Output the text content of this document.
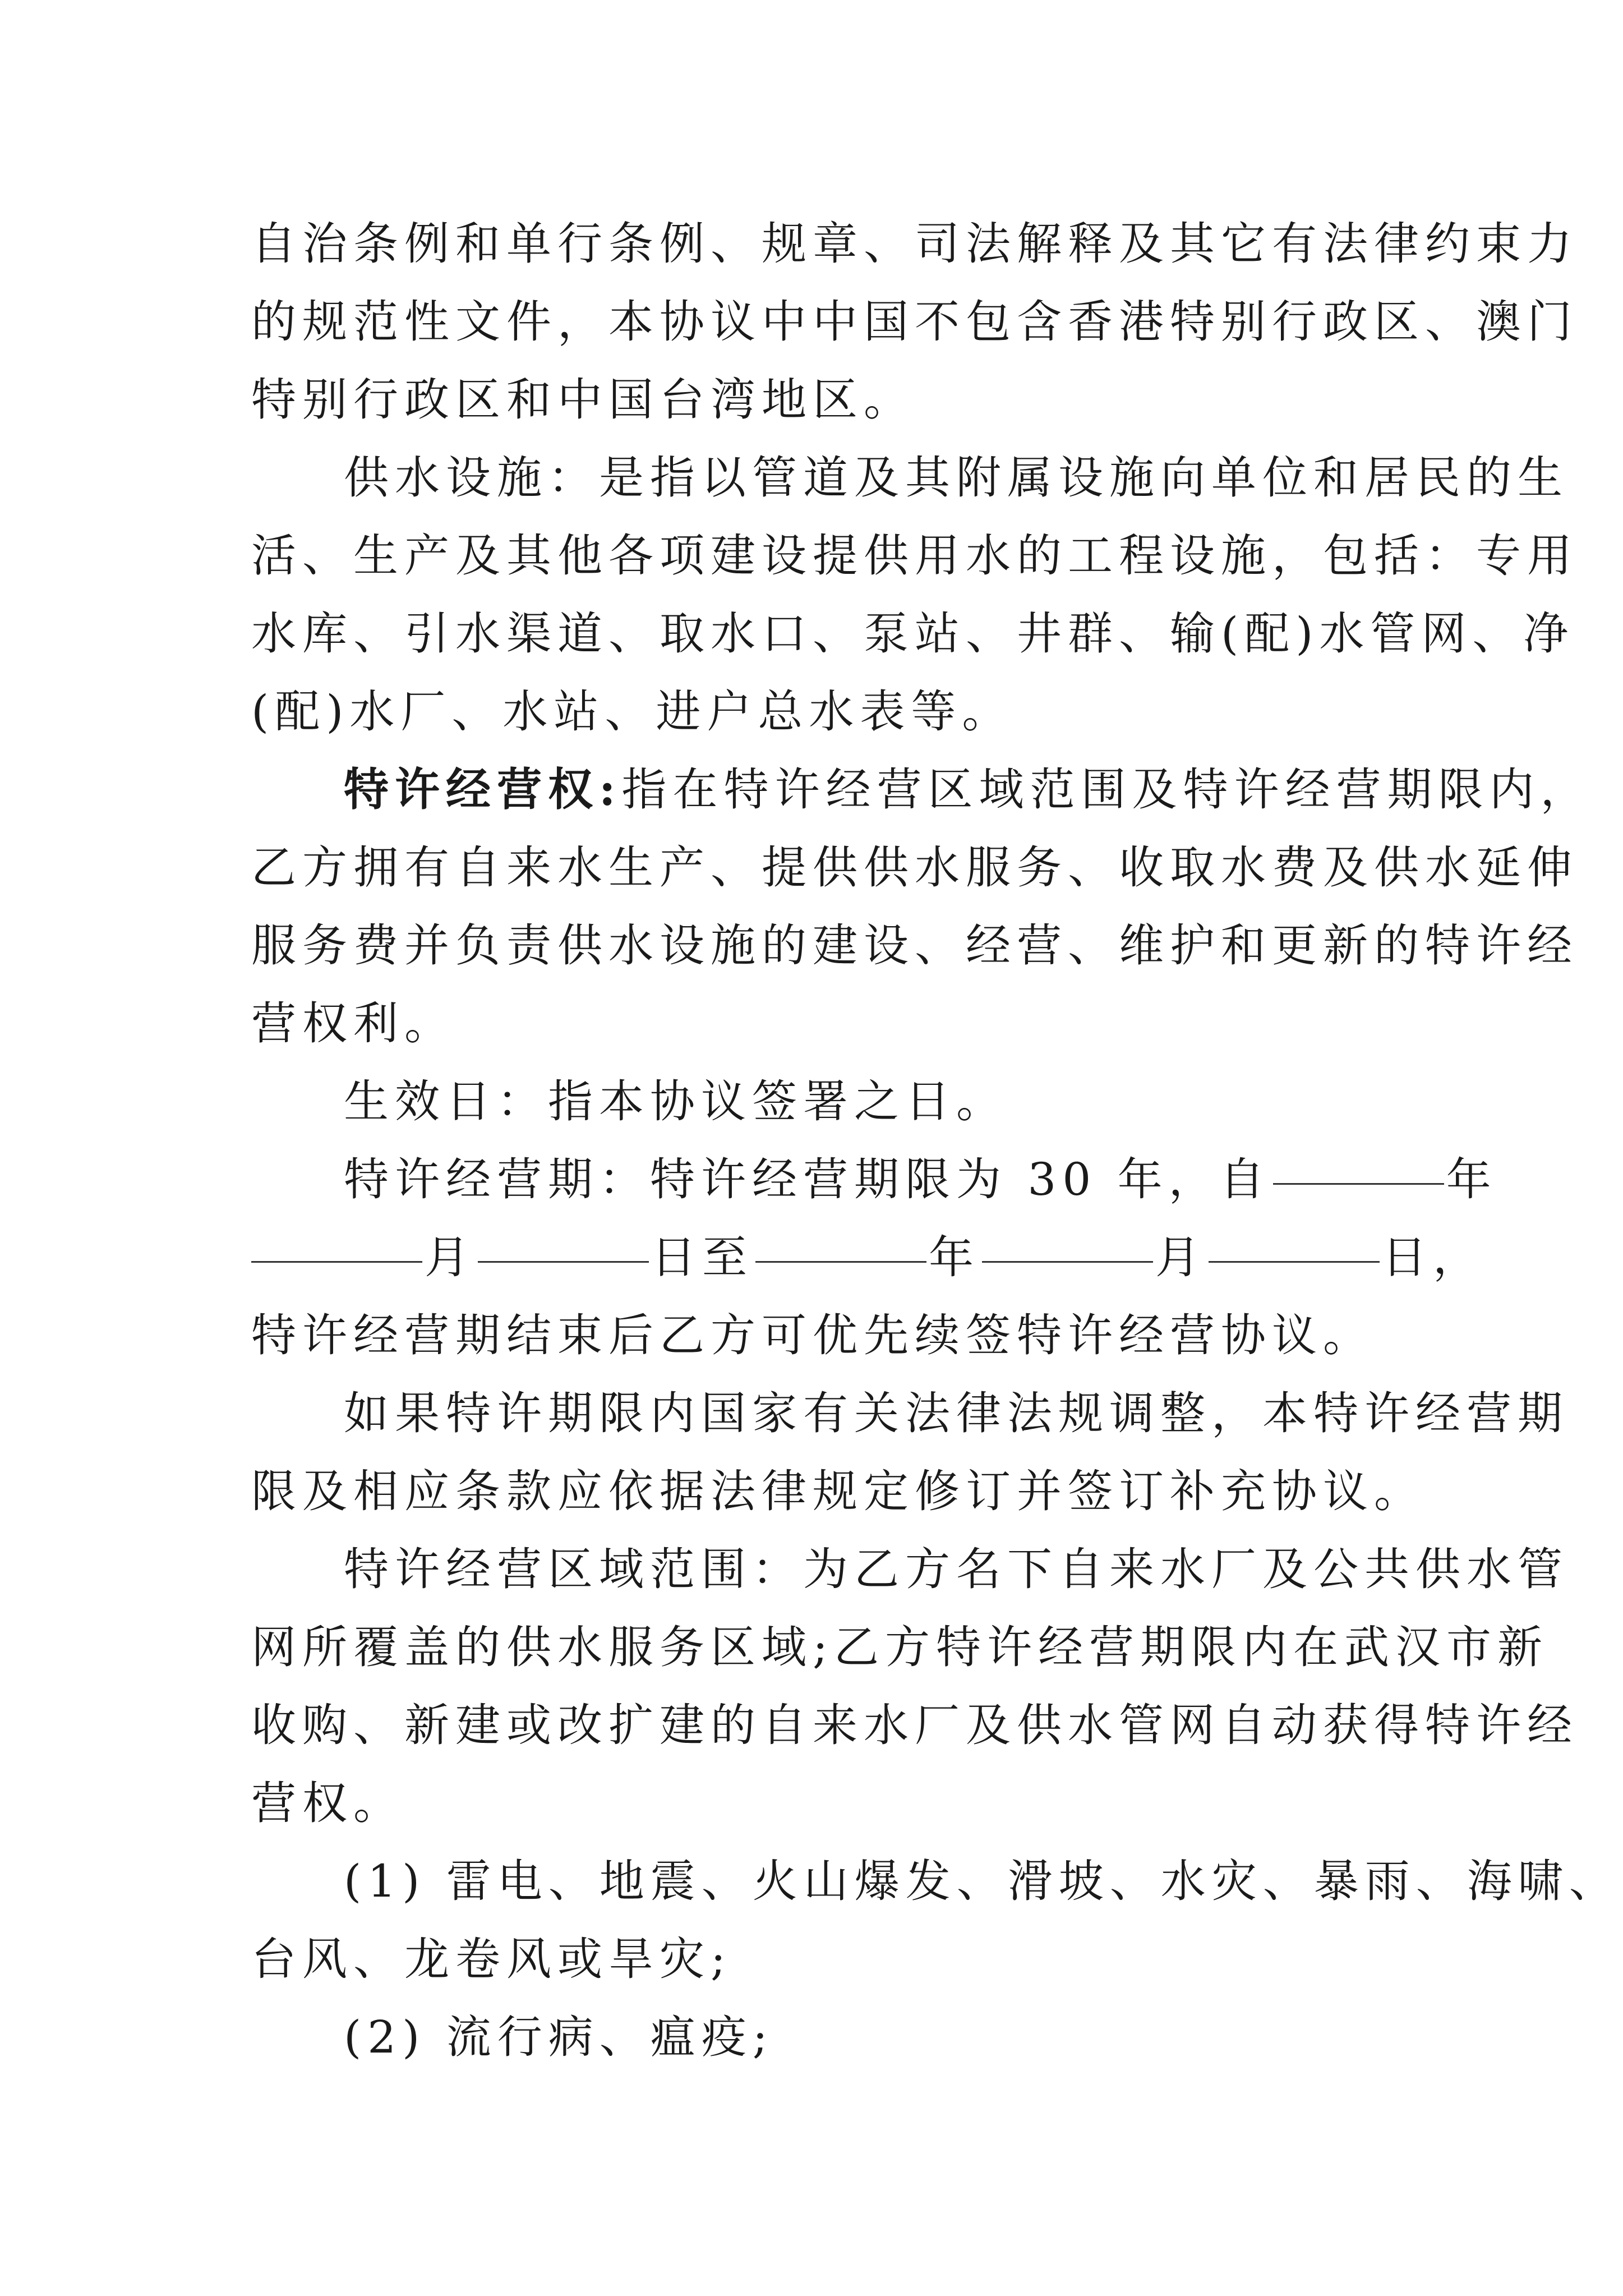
自治条例和单行条例、规章、司法解释及其它有法律约束力
的规范性文件，本协议中中国不包含香港特别行政区、澳门
特别行政区和中国台湾地区。
供水设施：是指以管道及其附属设施向单位和居民的生
活、生产及其他各项建设提供用水的工程设施，包括：专用
水库、引水渠道、取水口、泵站、井群、输(配)水管网、净
(配)水厂、水站、进户总水表等。
特许经营权:指在特许经营区域范围及特许经营期限内，
乙方拥有自来水生产、提供供水服务、收取水费及供水延伸
服务费并负责供水设施的建设、经营、维护和更新的特许经
营权利。
生效日：指本协议签署之日。
特许经营期：特许经营期限为 30 年，自	年
月	日至	年	月	日，
特许经营期结束后乙方可优先续签特许经营协议。
如果特许期限内国家有关法律法规调整，本特许经营期
限及相应条款应依据法律规定修订并签订补充协议。
特许经营区域范围：为乙方名下自来水厂及公共供水管
网所覆盖的供水服务区域;乙方特许经营期限内在武汉市新
收购、新建或改扩建的自来水厂及供水管网自动获得特许经
营权。
(1) 雷电、地震、火山爆发、滑坡、水灾、暴雨、海啸、
台风、龙卷风或旱灾;
(2) 流行病、瘟疫;
